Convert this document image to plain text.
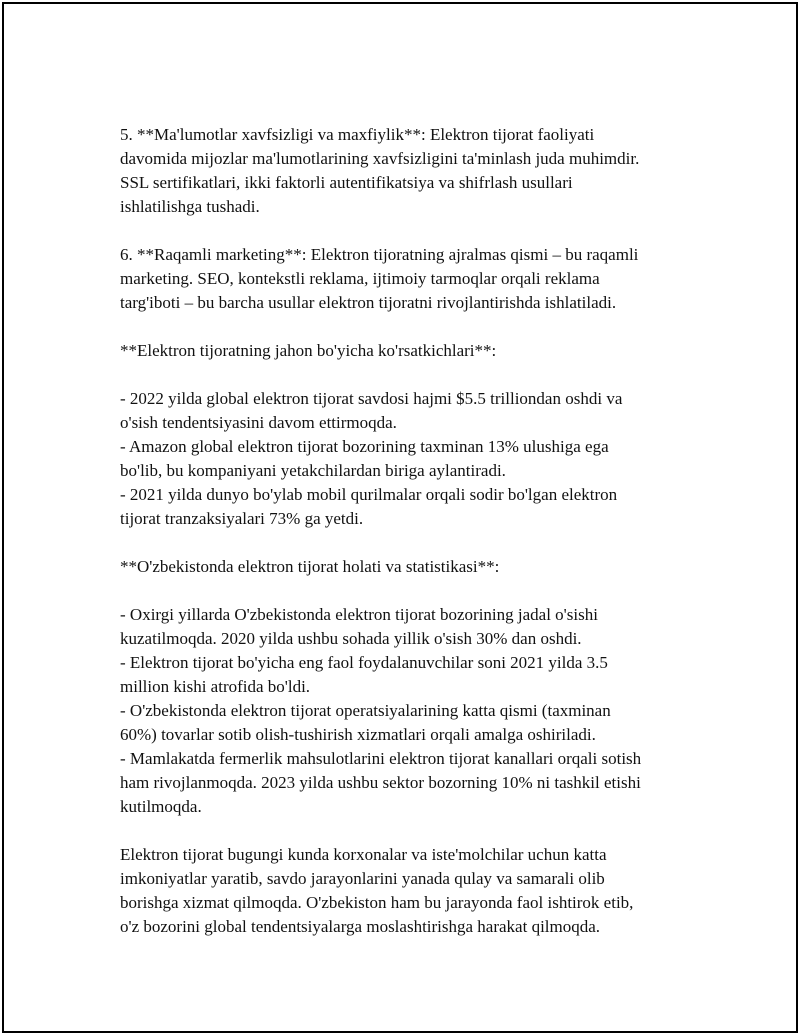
5. **Ma'lumotlar xavfsizligi va maxfiylik**: Elektron tijorat faoliyati
davomida mijozlar ma'lumotlarining xavfsizligini ta'minlash juda muhimdir.
SSL sertifikatlari, ikki faktorli autentifikatsiya va shifrlash usullari
ishlatilishga tushadi.
6. **Raqamli marketing**: Elektron tijoratning ajralmas qismi – bu raqamli
marketing. SEO, kontekstli reklama, ijtimoiy tarmoqlar orqali reklama
targ'iboti – bu barcha usullar elektron tijoratni rivojlantirishda ishlatiladi.
**Elektron tijoratning jahon bo'yicha ko'rsatkichlari**:
- 2022 yilda global elektron tijorat savdosi hajmi $5.5 trilliondan oshdi va
o'sish tendentsiyasini davom ettirmoqda.
- Amazon global elektron tijorat bozorining taxminan 13% ulushiga ega
bo'lib, bu kompaniyani yetakchilardan biriga aylantiradi.
- 2021 yilda dunyo bo'ylab mobil qurilmalar orqali sodir bo'lgan elektron
tijorat tranzaksiyalari 73% ga yetdi.
**O'zbekistonda elektron tijorat holati va statistikasi**:
- Oxirgi yillarda O'zbekistonda elektron tijorat bozorining jadal o'sishi
kuzatilmoqda. 2020 yilda ushbu sohada yillik o'sish 30% dan oshdi.
- Elektron tijorat bo'yicha eng faol foydalanuvchilar soni 2021 yilda 3.5
million kishi atrofida bo'ldi.
- O'zbekistonda elektron tijorat operatsiyalarining katta qismi (taxminan
60%) tovarlar sotib olish-tushirish xizmatlari orqali amalga oshiriladi.
- Mamlakatda fermerlik mahsulotlarini elektron tijorat kanallari orqali sotish
ham rivojlanmoqda. 2023 yilda ushbu sektor bozorning 10% ni tashkil etishi
kutilmoqda.
Elektron tijorat bugungi kunda korxonalar va iste'molchilar uchun katta
imkoniyatlar yaratib, savdo jarayonlarini yanada qulay va samarali olib
borishga xizmat qilmoqda. O'zbekiston ham bu jarayonda faol ishtirok etib,
o'z bozorini global tendentsiyalarga moslashtirishga harakat qilmoqda.
